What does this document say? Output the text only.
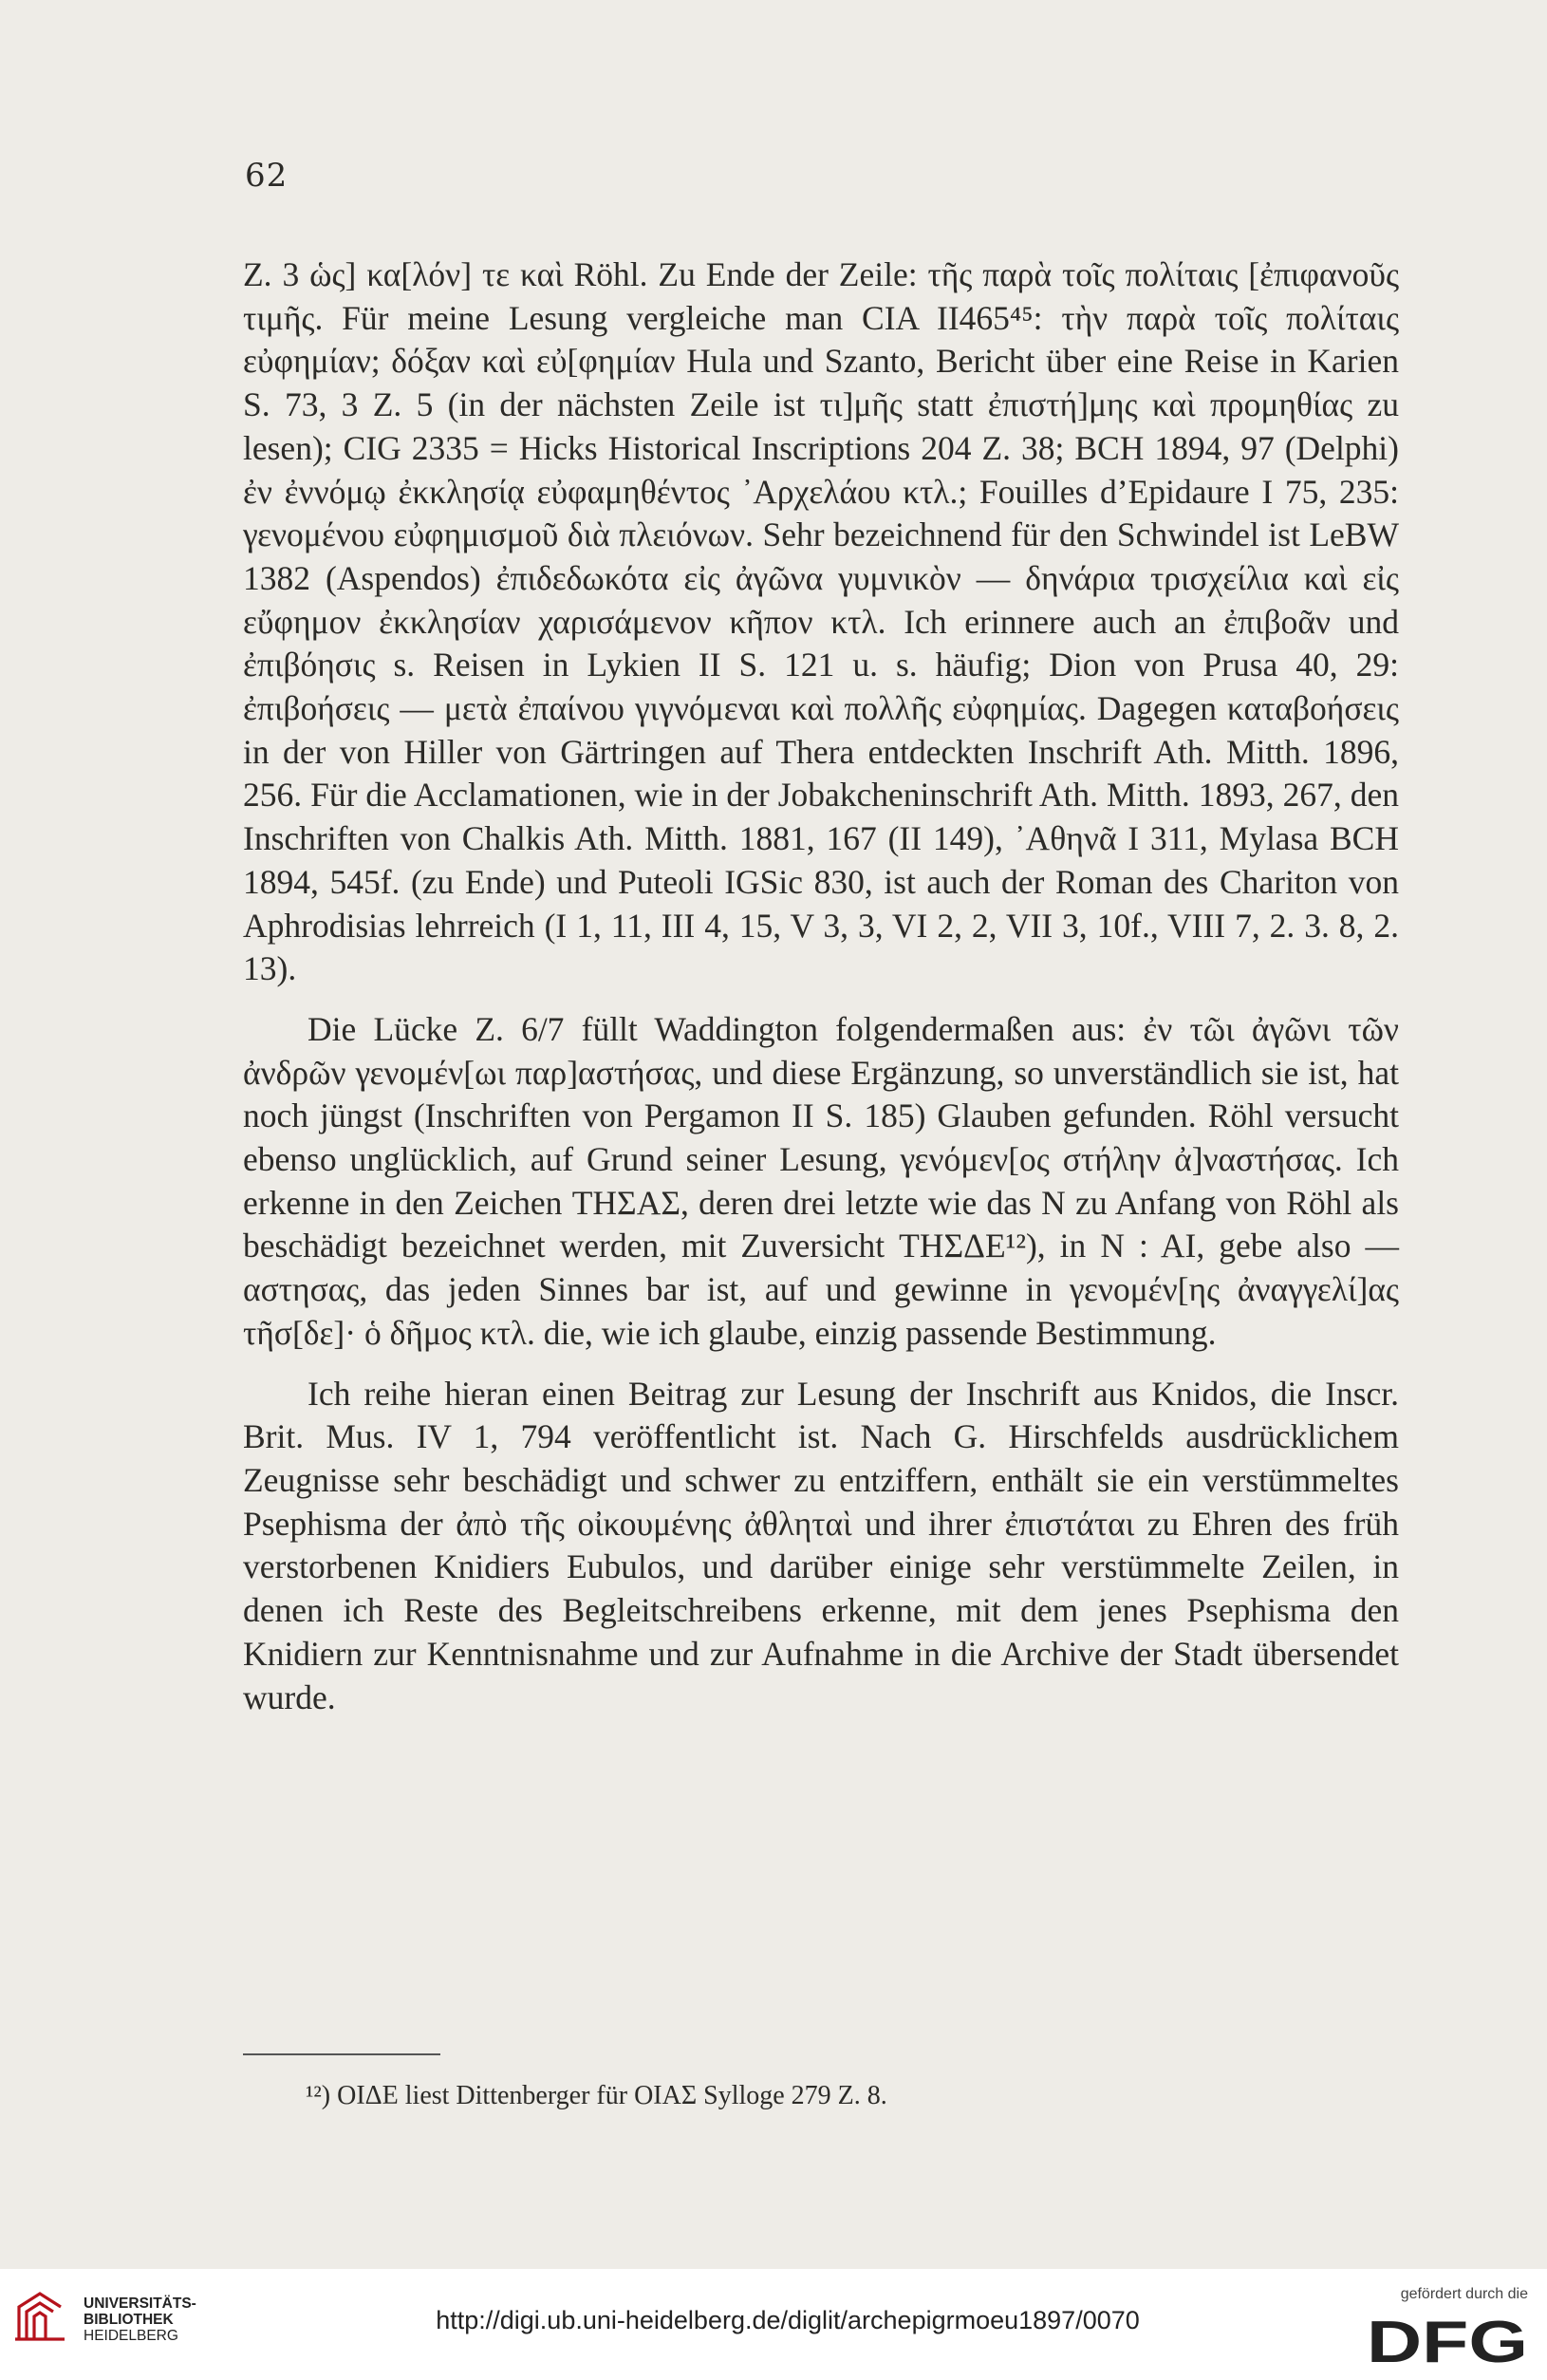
62

Z. 3 ὡς] κα[λόν] τε καὶ Röhl. Zu Ende der Zeile: τῆς παρὰ τοῖς πολίταις [ἐπιφανοῦς τιμῆς. Für meine Lesung vergleiche man CIA II465⁴⁵: τὴν παρὰ τοῖς πολίταις εὐφημίαν; δόξαν καὶ εὐ[φημίαν Hula und Szanto, Bericht über eine Reise in Karien S. 73, 3 Z. 5 (in der nächsten Zeile ist τι]μῆς statt ἐπιστή]μης καὶ προμηθίας zu lesen); CIG 2335 = Hicks Historical Inscriptions 204 Z. 38; BCH 1894, 97 (Delphi) ἐν ἐννόμῳ ἐκκλησίᾳ εὐφαμηθέντος ᾿Αρχελάου κτλ.; Fouilles d’Epidaure I 75, 235: γενομένου εὐφημισμοῦ διὰ πλειόνων. Sehr bezeichnend für den Schwindel ist LeBW 1382 (Aspendos) ἐπιδεδωκότα εἰς ἀγῶνα γυμνικὸν — δηνάρια τρισχείλια καὶ εἰς εὔφημον ἐκκλησίαν χαρισάμενον κῆπον κτλ. Ich erinnere auch an ἐπιβοᾶν und ἐπιβόησις s. Reisen in Lykien II S. 121 u. s. häufig; Dion von Prusa 40, 29: ἐπιβοήσεις — μετὰ ἐπαίνου γιγνόμεναι καὶ πολλῆς εὐφημίας. Dagegen καταβοήσεις in der von Hiller von Gärtringen auf Thera entdeckten Inschrift Ath. Mitth. 1896, 256. Für die Acclamationen, wie in der Jobakcheninschrift Ath. Mitth. 1893, 267, den Inschriften von Chalkis Ath. Mitth. 1881, 167 (II 149), ᾿Αθηνᾶ I 311, Mylasa BCH 1894, 545f. (zu Ende) und Puteoli IGSic 830, ist auch der Roman des Chariton von Aphrodisias lehrreich (I 1, 11, III 4, 15, V 3, 3, VI 2, 2, VII 3, 10f., VIII 7, 2. 3. 8, 2. 13).

Die Lücke Z. 6/7 füllt Waddington folgendermaßen aus: ἐν τῶι ἀγῶνι τῶν ἀνδρῶν γενομέν[ωι παρ]αστήσας, und diese Ergänzung, so unverständlich sie ist, hat noch jüngst (Inschriften von Pergamon II S. 185) Glauben gefunden. Röhl versucht ebenso unglücklich, auf Grund seiner Lesung, γενόμεν[ος στήλην ἀ]ναστήσας. Ich erkenne in den Zeichen ΤΗΣΑΣ, deren drei letzte wie das Ν zu Anfang von Röhl als beschädigt bezeichnet werden, mit Zuversicht ΤΗΣΔΕ¹²), in Ν : ΑΙ, gebe also — αστησας, das jeden Sinnes bar ist, auf und gewinne in γενομέν[ης ἀναγγελί]ας τῆσ[δε]· ὁ δῆμος κτλ. die, wie ich glaube, einzig passende Bestimmung.

Ich reihe hieran einen Beitrag zur Lesung der Inschrift aus Knidos, die Inscr. Brit. Mus. IV 1, 794 veröffentlicht ist. Nach G. Hirschfelds ausdrücklichem Zeugnisse sehr beschädigt und schwer zu entziffern, enthält sie ein verstümmeltes Psephisma der ἀπὸ τῆς οἰκουμένης ἀθληταὶ und ihrer ἐπιστάται zu Ehren des früh verstorbenen Knidiers Eubulos, und darüber einige sehr verstümmelte Zeilen, in denen ich Reste des Begleitschreibens erkenne, mit dem jenes Psephisma den Knidiern zur Kenntnisnahme und zur Aufnahme in die Archive der Stadt übersendet wurde.

¹²) ΟΙΔΕ liest Dittenberger für ΟΙΑΣ Sylloge 279 Z. 8.
UNIVERSITÄTS-
BIBLIOTHEK
HEIDELBERG
http://digi.ub.uni-heidelberg.de/diglit/archepigrmoeu1897/0070
gefördert durch die
DFG
